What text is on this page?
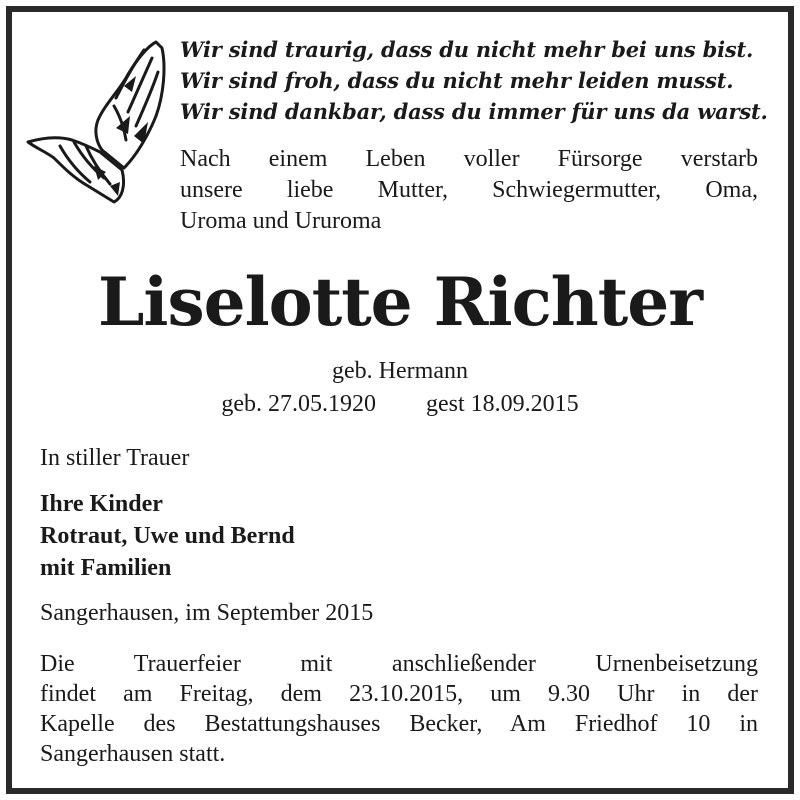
Wir sind traurig, dass du nicht mehr bei uns bist.
Wir sind froh, dass du nicht mehr leiden musst.
Wir sind dankbar, dass du immer für uns da warst.
Nach einem Leben voller Fürsorge verstarb
unsere liebe Mutter, Schwiegermutter, Oma,
Uroma und Ururoma
Liselotte Richter
geb. Hermann
geb. 27.05.1920 gest 18.09.2015
In stiller Trauer
Ihre Kinder
Rotraut, Uwe und Bernd
mit Familien
Sangerhausen, im September 2015
Die Trauerfeier mit anschließender Urnenbeisetzung
findet am Freitag, dem 23.10.2015, um 9.30 Uhr in der
Kapelle des Bestattungshauses Becker, Am Friedhof 10 in
Sangerhausen statt.
